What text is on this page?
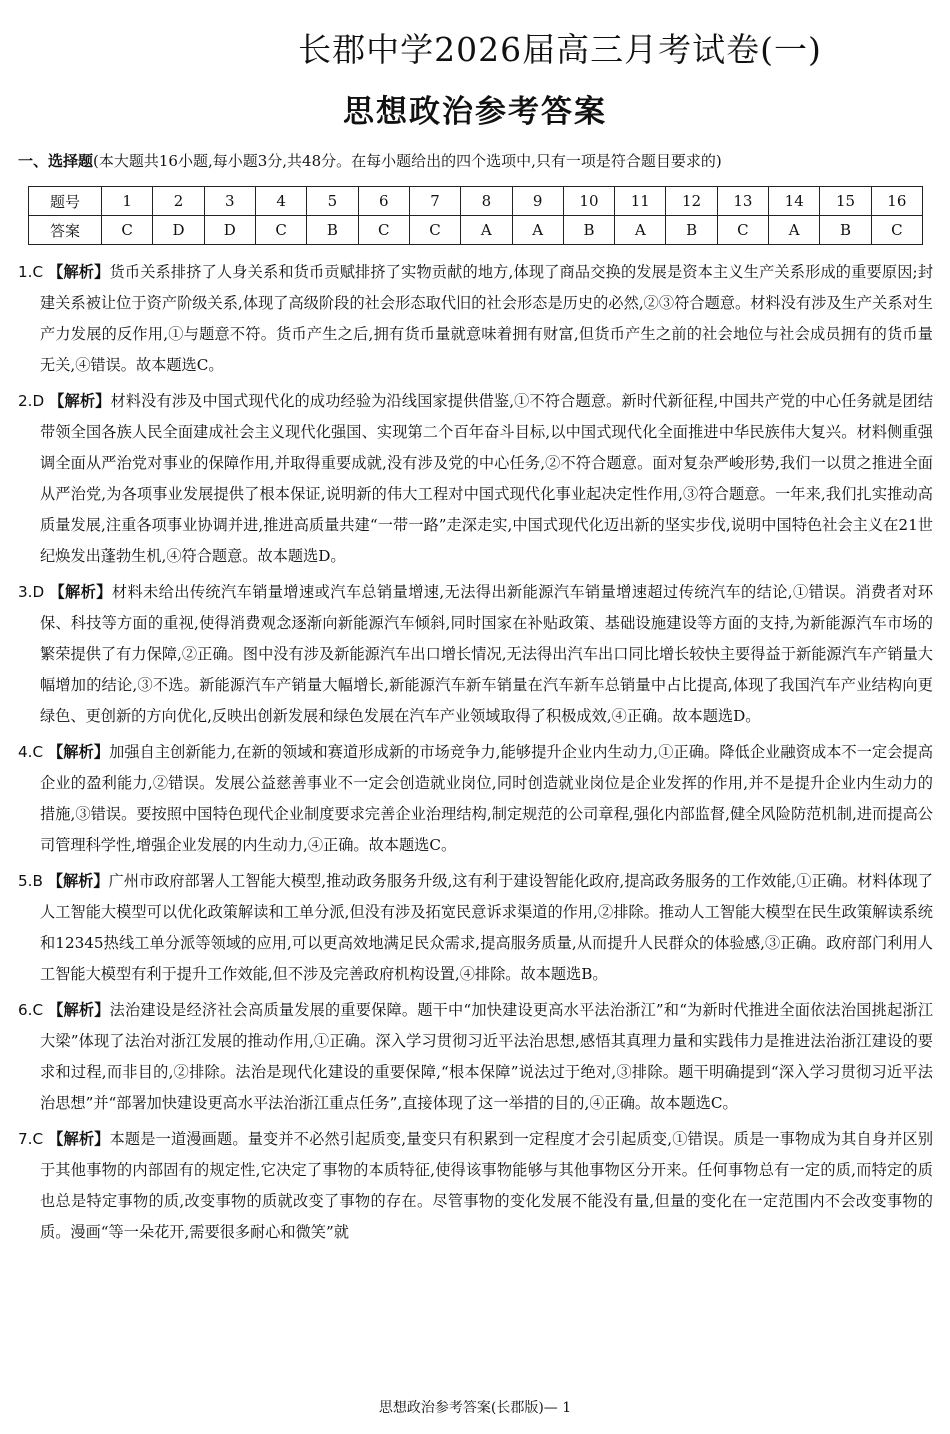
长郡中学2026届高三月考试卷(一)
思想政治参考答案

一、选择题(本大题共16小题,每小题3分,共48分。在每小题给出的四个选项中,只有一项是符合题目要求的)

题号	1	2	3	4	5	6	7	8	9	10	11	12	13	14	15	16
答案	C	D	D	C	B	C	C	A	A	B	A	B	C	A	B	C

1.C 【解析】货币关系排挤了人身关系和货币贡赋排挤了实物贡献的地方,体现了商品交换的发展是资本主义生产关系形成的重要原因;封建关系被让位于资产阶级关系,体现了高级阶段的社会形态取代旧的社会形态是历史的必然,②③符合题意。材料没有涉及生产关系对生产力发展的反作用,①与题意不符。货币产生之后,拥有货币量就意味着拥有财富,但货币产生之前的社会地位与社会成员拥有的货币量无关,④错误。故本题选C。

2.D 【解析】材料没有涉及中国式现代化的成功经验为沿线国家提供借鉴,①不符合题意。新时代新征程,中国共产党的中心任务就是团结带领全国各族人民全面建成社会主义现代化强国、实现第二个百年奋斗目标,以中国式现代化全面推进中华民族伟大复兴。材料侧重强调全面从严治党对事业的保障作用,并取得重要成就,没有涉及党的中心任务,②不符合题意。面对复杂严峻形势,我们一以贯之推进全面从严治党,为各项事业发展提供了根本保证,说明新的伟大工程对中国式现代化事业起决定性作用,③符合题意。一年来,我们扎实推动高质量发展,注重各项事业协调并进,推进高质量共建“一带一路”走深走实,中国式现代化迈出新的坚实步伐,说明中国特色社会主义在21世纪焕发出蓬勃生机,④符合题意。故本题选D。

3.D 【解析】材料未给出传统汽车销量增速或汽车总销量增速,无法得出新能源汽车销量增速超过传统汽车的结论,①错误。消费者对环保、科技等方面的重视,使得消费观念逐渐向新能源汽车倾斜,同时国家在补贴政策、基础设施建设等方面的支持,为新能源汽车市场的繁荣提供了有力保障,②正确。图中没有涉及新能源汽车出口增长情况,无法得出汽车出口同比增长较快主要得益于新能源汽车产销量大幅增加的结论,③不选。新能源汽车产销量大幅增长,新能源汽车新车销量在汽车新车总销量中占比提高,体现了我国汽车产业结构向更绿色、更创新的方向优化,反映出创新发展和绿色发展在汽车产业领域取得了积极成效,④正确。故本题选D。

4.C 【解析】加强自主创新能力,在新的领域和赛道形成新的市场竞争力,能够提升企业内生动力,①正确。降低企业融资成本不一定会提高企业的盈利能力,②错误。发展公益慈善事业不一定会创造就业岗位,同时创造就业岗位是企业发挥的作用,并不是提升企业内生动力的措施,③错误。要按照中国特色现代企业制度要求完善企业治理结构,制定规范的公司章程,强化内部监督,健全风险防范机制,进而提高公司管理科学性,增强企业发展的内生动力,④正确。故本题选C。

5.B 【解析】广州市政府部署人工智能大模型,推动政务服务升级,这有利于建设智能化政府,提高政务服务的工作效能,①正确。材料体现了人工智能大模型可以优化政策解读和工单分派,但没有涉及拓宽民意诉求渠道的作用,②排除。推动人工智能大模型在民生政策解读系统和12345热线工单分派等领域的应用,可以更高效地满足民众需求,提高服务质量,从而提升人民群众的体验感,③正确。政府部门利用人工智能大模型有利于提升工作效能,但不涉及完善政府机构设置,④排除。故本题选B。

6.C 【解析】法治建设是经济社会高质量发展的重要保障。题干中“加快建设更高水平法治浙江”和“为新时代推进全面依法治国挑起浙江大梁”体现了法治对浙江发展的推动作用,①正确。深入学习贯彻习近平法治思想,感悟其真理力量和实践伟力是推进法治浙江建设的要求和过程,而非目的,②排除。法治是现代化建设的重要保障,“根本保障”说法过于绝对,③排除。题干明确提到“深入学习贯彻习近平法治思想”并“部署加快建设更高水平法治浙江重点任务”,直接体现了这一举措的目的,④正确。故本题选C。

7.C 【解析】本题是一道漫画题。量变并不必然引起质变,量变只有积累到一定程度才会引起质变,①错误。质是一事物成为其自身并区别于其他事物的内部固有的规定性,它决定了事物的本质特征,使得该事物能够与其他事物区分开来。任何事物总有一定的质,而特定的质也总是特定事物的质,改变事物的质就改变了事物的存在。尽管事物的变化发展不能没有量,但量的变化在一定范围内不会改变事物的质。漫画“等一朵花开,需要很多耐心和微笑”就

思想政治参考答案(长郡版)— 1
